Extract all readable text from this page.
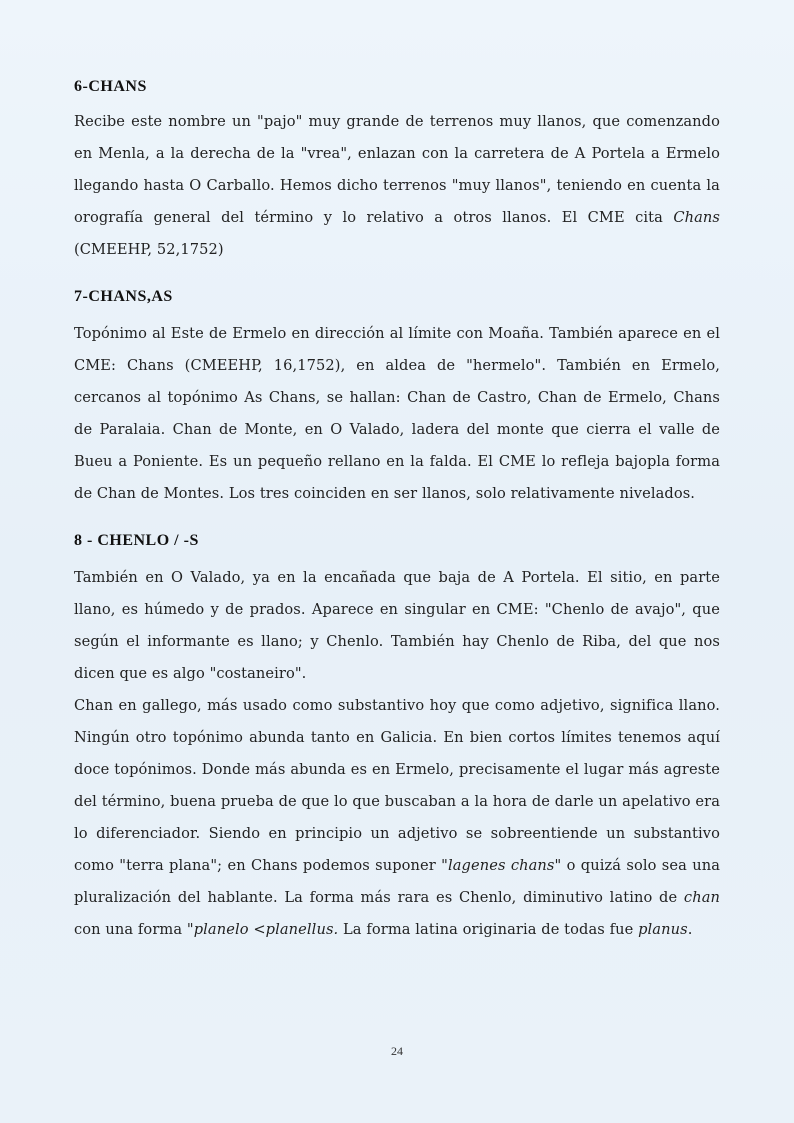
6-CHANS

Recibe este nombre un "pajo" muy grande de terrenos muy llanos, que comenzando en Menla, a la derecha de la "vrea", enlazan con la carretera de A Portela a Ermelo llegando hasta O Carballo. Hemos dicho terrenos "muy llanos", teniendo en cuenta la orografía general del término y lo relativo a otros llanos. El CME cita Chans (CMEEHP, 52,1752)

7-CHANS,AS

Topónimo al Este de Ermelo en dirección al límite con Moaña. También aparece en el CME: Chans (CMEEHP, 16,1752), en aldea de "hermelo". También en Ermelo, cercanos al topónimo As Chans, se hallan: Chan de Castro, Chan de Ermelo, Chans de Paralaia. Chan de Monte, en O Valado, ladera del monte que cierra el valle de Bueu a Poniente. Es un pequeño rellano en la falda. El CME lo refleja bajopla forma de Chan de Montes. Los tres coinciden en ser llanos, solo relativamente nivelados.

8 - CHENLO / -S

También en O Valado, ya en la encañada que baja de A Portela. El sitio, en parte llano, es húmedo y de prados. Aparece en singular en CME: "Chenlo de avajo", que según el informante es llano; y Chenlo. También hay Chenlo de Riba, del que nos dicen que es algo "costaneiro".

Chan en gallego, más usado como substantivo hoy que como adjetivo, significa llano. Ningún otro topónimo abunda tanto en Galicia. En bien cortos límites tenemos aquí doce topónimos. Donde más abunda es en Ermelo, precisamente el lugar más agreste del término, buena prueba de que lo que buscaban a la hora de darle un apelativo era lo diferenciador. Siendo en principio un adjetivo se sobreentiende un substantivo como "terra plana"; en Chans podemos suponer "lagenes chans" o quizá solo sea una pluralización del hablante. La forma más rara es Chenlo, diminutivo latino de chan con una forma "planelo <planellus. La forma latina originaria de todas fue planus.

24
